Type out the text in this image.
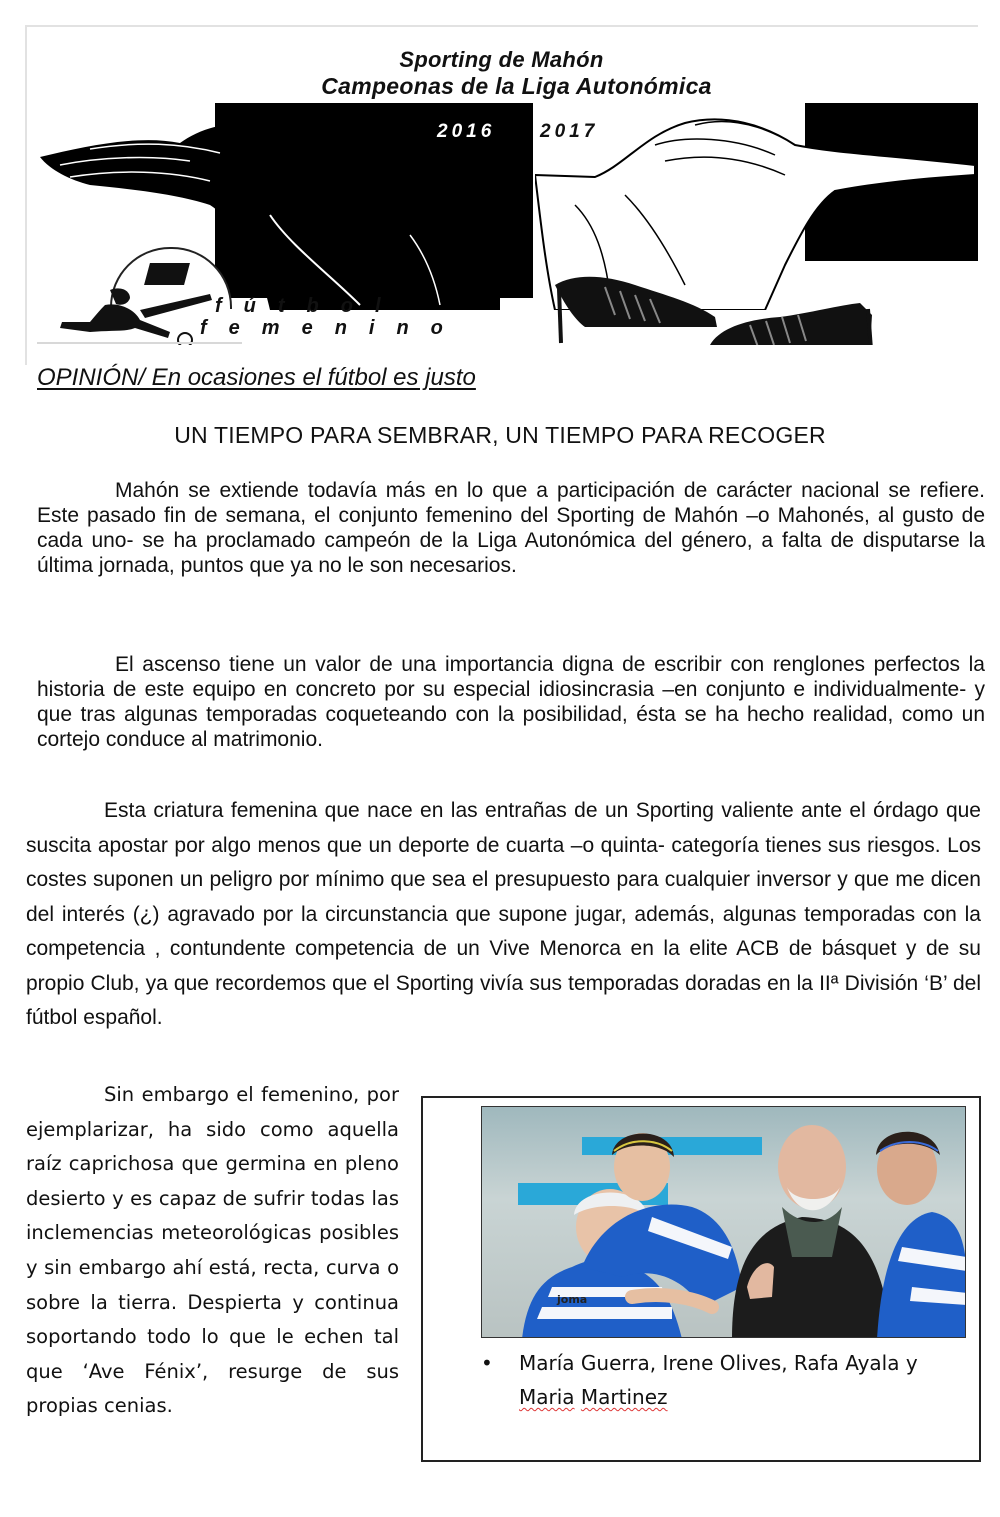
Sporting de Mahón
Campeonas de la Liga Autonómica
2016 2017
fútbol
femenino
OPINIÓN/ En ocasiones el fútbol es justo
UN TIEMPO PARA SEMBRAR, UN TIEMPO PARA RECOGER

Mahón se extiende todavía más en lo que a participación de carácter nacional se refiere. Este pasado fin de semana, el conjunto femenino del Sporting de Mahón –o Mahonés, al gusto de cada uno- se ha proclamado campeón de la Liga Autonómica del género, a falta de disputarse la última jornada, puntos que ya no le son necesarios.

El ascenso tiene un valor de una importancia digna de escribir con renglones perfectos la historia de este equipo en concreto por su especial idiosincrasia –en conjunto e individualmente- y que tras algunas temporadas coqueteando con la posibilidad, ésta se ha hecho realidad, como un cortejo conduce al matrimonio.

Esta criatura femenina que nace en las entrañas de un Sporting valiente ante el órdago que suscita apostar por algo menos que un deporte de cuarta –o quinta- categoría tienes sus riesgos. Los costes suponen un peligro por mínimo que sea el presupuesto para cualquier inversor y que me dicen del interés (¿) agravado por la circunstancia que supone jugar, además, algunas temporadas con la competencia , contundente competencia de un Vive Menorca en la elite ACB de básquet y de su propio Club, ya que recordemos que el Sporting vivía sus temporadas doradas en la IIª División ‘B’ del fútbol español.

Sin embargo el femenino, por ejemplarizar, ha sido como aquella raíz caprichosa que germina en pleno desierto y es capaz de sufrir todas las inclemencias meteorológicas posibles y sin embargo ahí está, recta, curva o sobre la tierra. Despierta y continua soportando todo lo que le echen tal que ‘Ave Fénix’, resurge de sus propias cenias.

joma
• María Guerra, Irene Olives, Rafa Ayala y Maria Martinez
